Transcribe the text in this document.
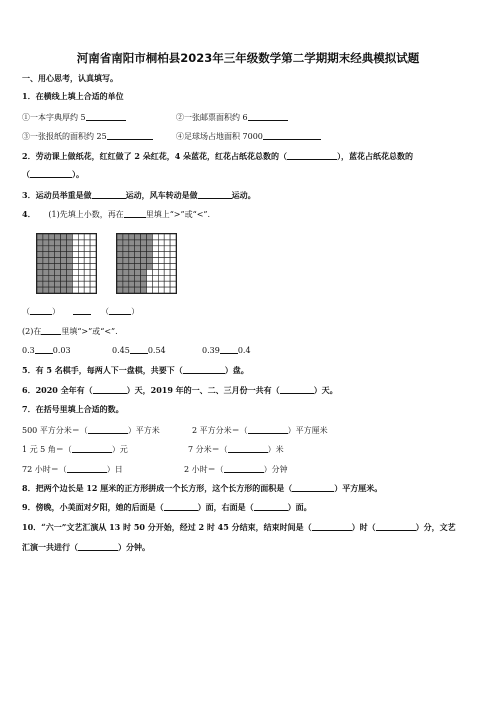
河南省南阳市桐柏县2023年三年级数学第二学期期末经典模拟试题
一、用心思考，认真填写。
1．在横线上填上合适的单位
①一本字典厚约 5	②一张邮票面积约 6
③一张报纸的面积约 25	④足球场占地面积 7000
2．劳动课上做纸花，红红做了 2 朵红花，4 朵蓝花，红花占纸花总数的（	），蓝花占纸花总数的
（	）。
3．运动员举重是做	运动，风车转动是做	运动。
4． (1)先填上小数，再在	里填上“>”或“<”.
（	）	（	）
(2)在	里填“>”或“<”.
0.3 0.03	0.45 0.54	0.39 0.4
5．有 5 名棋手，每两人下一盘棋，共要下（	）盘。
6．2020 全年有（	）天，2019 年的一、二、三月份一共有（	）天。
7．在括号里填上合适的数。
500 平方分米＝（	）平方米	2 平方分米＝（	）平方厘米
1 元 5 角＝（	）元	7 分米＝（	）米
72 小时＝（	）日	2 小时＝（	）分钟
8．把两个边长是 12 厘米的正方形拼成一个长方形，这个长方形的面积是（	）平方厘米。
9．傍晚，小美面对夕阳，她的后面是（	）面，右面是（	）面。
10．“六一”文艺汇演从 13 时 50 分开始，经过 2 时 45 分结束，结束时间是（	）时（	）分，文艺
汇演一共进行（	）分钟。
